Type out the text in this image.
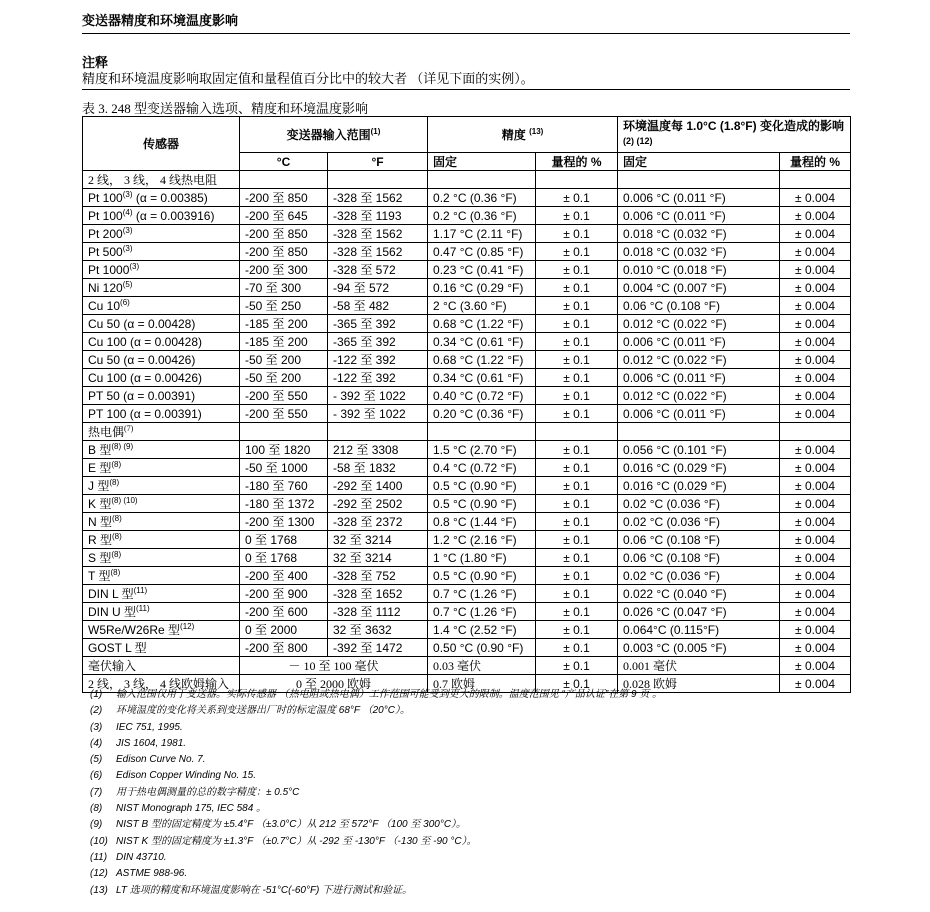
变送器精度和环境温度影响
注释
精度和环境温度影响取固定值和量程值百分比中的较大者 （详见下面的实例）。
表 3. 248 型变送器输入选项、精度和环境温度影响
传感器	变送器输入范围$^{(1)}$		精度 $^{(13)}$		环境温度每 1.0°C (1.8°F) 变化造成的影响
(2) (12)	
	°C	°F	固定	量程的 %	固定	量程的 %
2 线， 3 线， 4 线热电阻						
Pt 100$^{(3)}$ (α = 0.00385)	-200 至 850	-328 至 1562	0.2 °C (0.36 °F)	± 0.1	0.006 °C (0.011 °F)	± 0.004
Pt 100$^{(4)}$ (α = 0.003916)	-200 至 645	-328 至 1193	0.2 °C (0.36 °F)	± 0.1	0.006 °C (0.011 °F)	± 0.004
Pt 200$^{(3)}$	-200 至 850	-328 至 1562	1.17 °C (2.11 °F)	± 0.1	0.018 °C (0.032 °F)	± 0.004
Pt 500$^{(3)}$	-200 至 850	-328 至 1562	0.47 °C (0.85 °F)	± 0.1	0.018 °C (0.032 °F)	± 0.004
Pt 1000$^{(3)}$	-200 至 300	-328 至 572	0.23 °C (0.41 °F)	± 0.1	0.010 °C (0.018 °F)	± 0.004
Ni 120$^{(5)}$	-70 至 300	-94 至 572	0.16 °C (0.29 °F)	± 0.1	0.004 °C (0.007 °F)	± 0.004
Cu 10$^{(6)}$	-50 至 250	-58 至 482	2 °C (3.60 °F)	± 0.1	0.06 °C (0.108 °F)	± 0.004
Cu 50 (α = 0.00428)	-185 至 200	-365 至 392	0.68 °C (1.22 °F)	± 0.1	0.012 °C (0.022 °F)	± 0.004
Cu 100 (α = 0.00428)	-185 至 200	-365 至 392	0.34 °C (0.61 °F)	± 0.1	0.006 °C (0.011 °F)	± 0.004
Cu 50 (α = 0.00426)	-50 至 200	-122 至 392	0.68 °C (1.22 °F)	± 0.1	0.012 °C (0.022 °F)	± 0.004
Cu 100 (α = 0.00426)	-50 至 200	-122 至 392	0.34 °C (0.61 °F)	± 0.1	0.006 °C (0.011 °F)	± 0.004
PT 50 (α = 0.00391)	-200 至 550	- 392 至 1022	0.40 °C (0.72 °F)	± 0.1	0.012 °C (0.022 °F)	± 0.004
PT 100 (α = 0.00391)	-200 至 550	- 392 至 1022	0.20 °C (0.36 °F)	± 0.1	0.006 °C (0.011 °F)	± 0.004
热电偶$^{(7)}$						
B 型$^{(8) (9)}$	100 至 1820	212 至 3308	1.5 °C (2.70 °F)	± 0.1	0.056 °C (0.101 °F)	± 0.004
E 型$^{(8)}$	-50 至 1000	-58 至 1832	0.4 °C (0.72 °F)	± 0.1	0.016 °C (0.029 °F)	± 0.004
J 型$^{(8)}$	-180 至 760	-292 至 1400	0.5 °C (0.90 °F)	± 0.1	0.016 °C (0.029 °F)	± 0.004
K 型$^{(8) (10)}$	-180 至 1372	-292 至 2502	0.5 °C (0.90 °F)	± 0.1	0.02 °C (0.036 °F)	± 0.004
N 型$^{(8)}$	-200 至 1300	-328 至 2372	0.8 °C (1.44 °F)	± 0.1	0.02 °C (0.036 °F)	± 0.004
R 型$^{(8)}$	0 至 1768	32 至 3214	1.2 °C (2.16 °F)	± 0.1	0.06 °C (0.108 °F)	± 0.004
S 型$^{(8)}$	0 至 1768	32 至 3214	1 °C (1.80 °F)	± 0.1	0.06 °C (0.108 °F)	± 0.004
T 型$^{(8)}$	-200 至 400	-328 至 752	0.5 °C (0.90 °F)	± 0.1	0.02 °C (0.036 °F)	± 0.004
DIN L 型$^{(11)}$	-200 至 900	-328 至 1652	0.7 °C (1.26 °F)	± 0.1	0.022 °C (0.040 °F)	± 0.004
DIN U 型$^{(11)}$	-200 至 600	-328 至 1112	0.7 °C (1.26 °F)	± 0.1	0.026 °C (0.047 °F)	± 0.004
W5Re/W26Re 型$^{(12)}$	0 至 2000	32 至 3632	1.4 °C (2.52 °F)	± 0.1	0.064°C (0.115°F)	± 0.004
GOST L 型	-200 至 800	-392 至 1472	0.50 °C (0.90 °F)	± 0.1	0.003 °C (0.005 °F)	± 0.004
毫伏输入	－ 10 至 100 毫伏		0.03 毫伏	± 0.1	0.001 毫伏	± 0.004
2 线， 3 线， 4 线欧姆输入	0 至 2000 欧姆		0.7 欧姆	± 0.1	0.028 欧姆	± 0.004
(1) 输入范围仅用于变送器。实际传感器 （热电阻或热电偶）工作范围可能受到更大的限制。温度范围见 “产品认证”在第 9 页 。
(2) 环境温度的变化将关系到变送器出厂时的标定温度 68°F （20°C）。
(3) IEC 751, 1995.
(4) JIS 1604, 1981.
(5) Edison Curve No. 7.
(6) Edison Copper Winding No. 15.
(7) 用于热电偶测量的总的数字精度：± 0.5°C
(8) NIST Monograph 175, IEC 584 。
(9) NIST B 型的固定精度为 ±5.4°F （±3.0°C）从 212 至 572°F （100 至 300°C）。
(10) NIST K 型的固定精度为 ±1.3°F （±0.7°C）从 -292 至 -130°F （-130 至 -90 °C）。
(11) DIN 43710.
(12) ASTME 988-96.
(13) LT 选项的精度和环境温度影响在 -51°C(-60°F) 下进行测试和验证。
